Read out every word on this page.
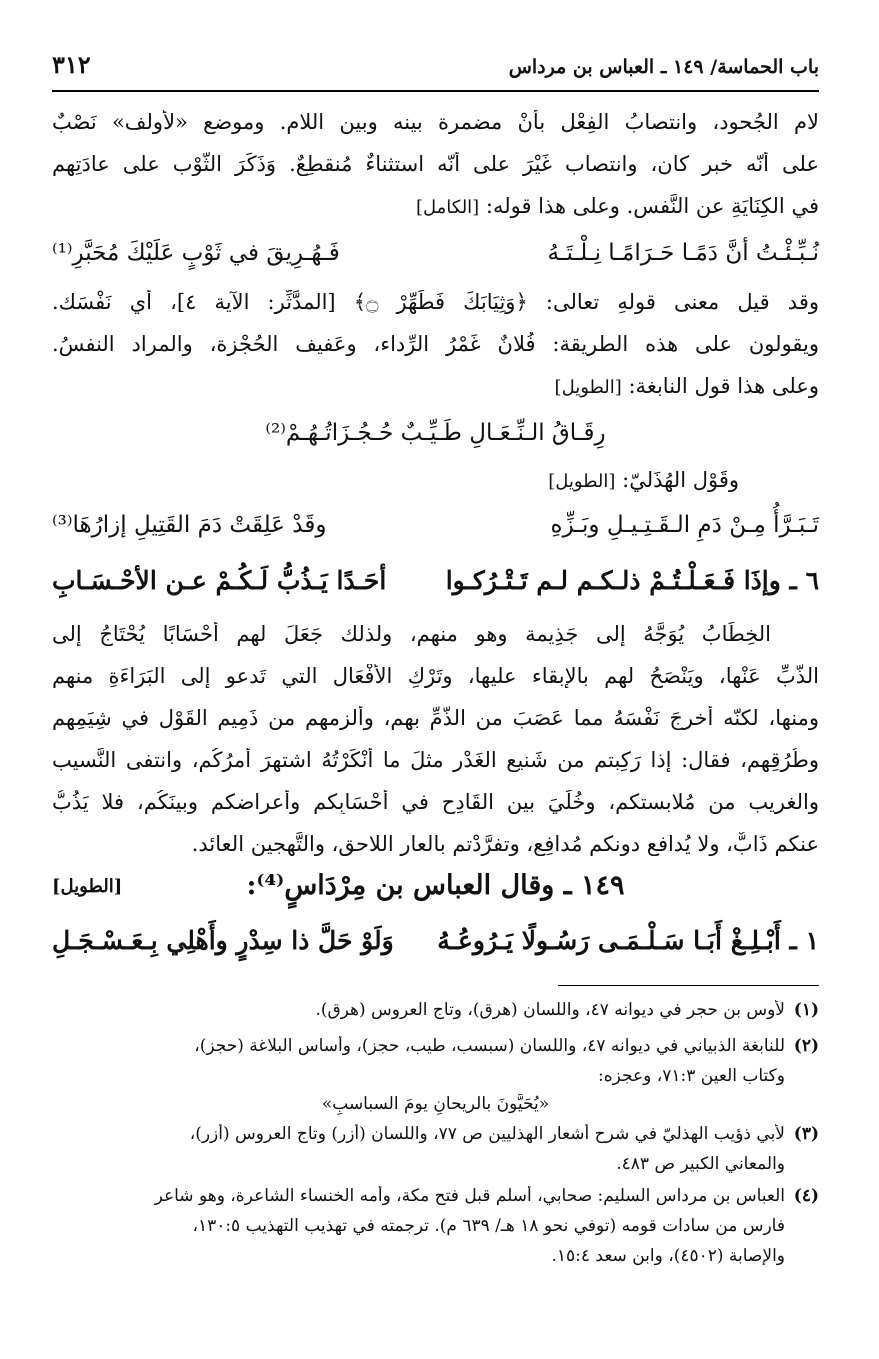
باب الحماسة/ ١٤٩ ـ العباس بن مرداس
٣١٢
لام الجُحود، وانتصابُ الفِعْل بأنْ مضمرة بينه وبين اللام. وموضع «لأولف» نَصْبٌ
على أنّه خبر كان، وانتصاب غَيْرَ على أنّه استثناءٌ مُنقطِعٌ. وَذَكَرَ الثَّوْب على عادَتِهِم
في الكِنَايَةِ عن النَّفس. وعلى هذا قوله: [الكامل]
نُـبِّـئْـتُ أنَّ دَمًـا حَـرَامًـا نِـلْـتَـهُ
فَـهُـرِيقَ في ثَوْبٍ عَلَيْكَ مُحَبَّرِ⁽¹⁾
وقد قيل معنى قولهِ تعالى: ﴿وَثِيَابَكَ فَطَهِّرْ ۝﴾ [المدَّثِّر: الآية ٤]، أي نَفْسَك.
ويقولون على هذه الطريقة: فُلانٌ غَمْرُ الرِّداء، وعَفيف الحُجْزة، والمراد النفسُ.
وعلى هذا قول النابغة: [الطويل]
رِقَـاقُ الـنِّـعَـالِ طَـيِّـبٌ حُـجُـزَاتُـهُـمْ⁽²⁾
وقَوْل الهُذَليّ: [الطويل]
تَـبَـرَّأُ مِـنْ دَمِ الـقَـتِـيـلِ وبَـزِّهِ
وقَدْ عَلِقَتْ دَمَ القَتِيلِ إزارُهَا⁽³⁾
٦ ـ وإذَا فَـعَـلْـتُـمْ ذلـكـم لـم تَـتْـرُكـوا
أحَـدًا يَـذُبُّ لَـكُـمْ عـن الأحْـسَـابِ
الخِطَابُ يُوَجَّهُ إلى جَذِيمة وهو منهم، ولذلك جَعَلَ لهم أحْسَابًا يُحْتَاجُ إلى
الذَّبِّ عَنْها، ويَنْصَحُ لهم بالإبقاء عليها، وتَرْكِ الأفْعَالِ التي تَدعو إلى البَرَاءَةِ منهم
ومنها، لكنّه أخرجَ نَفْسَهُ مما عَصَبَ من الذَّمِّ بهم، وألزمهم من ذَمِيمِ القَوْلِ في شِيَمِهِم
وطُرُقِهم، فقال: إذا رَكِبتم من شَنيع الغَدْر مثلَ ما أنْكَرْتُهُ اشتهرَ أمرُكُم، وانتفى النَّسيب
والغريب من مُلابستكم، وخُلِّيَ بين القَادِحِ في أحْسَابِكم وأعراضكم وبينَكُم، فلا يَذُبُّ
عنكم ذَابٌّ، ولا يُدافع دونكم مُدافِع، وتفرَّدْتم بالعار اللاحق، والتَّهجين العائد.
١٤٩ ـ وقال العباس بن مِرْدَاسٍ⁽⁴⁾:
[الطويل]
١ ـ أَبْـلِـغْ أَبَـا سَـلْـمَـى رَسُـولًا يَـرُوعُـهُ
وَلَوْ حَلَّ ذا سِدْرٍ وأَهْلِي بِـعَـسْـجَـلِ
(١)
لأوس بن حجر في ديوانه ٤٧، واللسان (هرق)، وتاج العروس (هرق).
(٢)
للنابغة الذبياني في ديوانه ٤٧، واللسان (سبسب، طيب، حجز)، وأساس البلاغة (حجز)،
وكتاب العين ٧١:٣، وعجزه:
«يُحَيَّونَ بالريحانِ يومَ السباسبِ»
(٣)
لأبي ذؤيب الهذليّ في شرح أشعار الهذليين ص ٧٧، واللسان (أزر) وتاج العروس (أزر)،
والمعاني الكبير ص ٤٨٣.
(٤)
العباس بن مرداس السليم: صحابي، أسلم قبل فتح مكة، وأمه الخنساء الشاعرة، وهو شاعر
فارس من سادات قومه (توفي نحو ١٨ هـ/ ٦٣٩ م). ترجمته في تهذيب التهذيب ١٣٠:٥،
والإصابة (٤٥٠٢)، وابن سعد ١٥:٤.
